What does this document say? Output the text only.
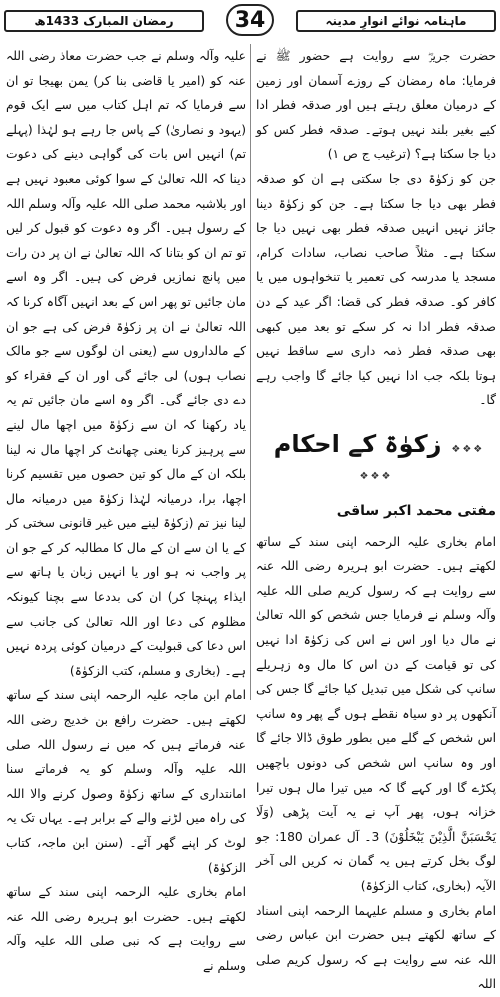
رمضان المبارک 1433ھ	34	ماہنامہ نوائے انوارِ مدینہ

حضرت جریرؓ سے روایت ہے حضور ﷺ نے فرمایا: ماہ رمضان کے روزے آسمان اور زمین کے درمیان معلق رہتے ہیں اور صدقہ فطر ادا کیے بغیر بلند نہیں ہوتے۔ صدقہ فطر کس کو دیا جا سکتا ہے؟ (ترغیب ج ص ۱)

جن کو زکوٰۃ دی جا سکتی ہے ان کو صدقہ فطر بھی دیا جا سکتا ہے۔ جن کو زکوٰۃ دینا جائز نہیں انہیں صدقہ فطر بھی نہیں دیا جا سکتا ہے۔ مثلاً صاحب نصاب، سادات کرام، مسجد یا مدرسہ کی تعمیر یا تنخواہوں میں یا کافر کو۔ صدقہ فطر کی قضا: اگر عید کے دن صدقہ فطر ادا نہ کر سکے تو بعد میں کبھی بھی صدقہ فطر ذمہ داری سے ساقط نہیں ہوتا بلکہ جب ادا نہیں کیا جائے گا واجب رہے گا۔

❖❖❖ زکوٰۃ کے احکام ❖❖❖
مفتی محمد اکبر ساقی

امام بخاری علیہ الرحمہ اپنی سند کے ساتھ لکھتے ہیں۔ حضرت ابو ہریرہ رضی اللہ عنہ سے روایت ہے کہ رسول کریم صلی اللہ علیہ وآلہ وسلم نے فرمایا جس شخص کو اللہ تعالیٰ نے مال دیا اور اس نے اس کی زکوٰۃ ادا نہیں کی تو قیامت کے دن اس کا مال وہ زہریلے سانپ کی شکل میں تبدیل کیا جائے گا جس کی آنکھوں پر دو سیاہ نقطے ہوں گے پھر وہ سانپ اس شخص کے گلے میں بطور طوق ڈالا جائے گا اور وہ سانپ اس شخص کی دونوں باچھیں پکڑے گا اور کہے گا کہ میں تیرا مال ہوں تیرا خزانہ ہوں، پھر آپ نے یہ آیت پڑھی (وَلَا یَحْسَبَنَّ الَّذِیْنَ یَبْخَلُوْنَ) 3۔ آل عمران 180: جو لوگ بخل کرتے ہیں یہ گمان نہ کریں الی آخر الآیہ (بخاری، کتاب الزکوٰۃ)

امام بخاری و مسلم علیہما الرحمہ اپنی اسناد کے ساتھ لکھتے ہیں حضرت ابن عباس رضی اللہ عنہ سے روایت ہے کہ رسول کریم صلی اللہ

علیہ وآلہ وسلم نے جب حضرت معاذ رضی اللہ عنہ کو (امیر یا قاضی بنا کر) یمن بھیجا تو ان سے فرمایا کہ تم اہل کتاب میں سے ایک قوم (یہود و نصاریٰ) کے پاس جا رہے ہو لہٰذا (پہلے تم) انہیں اس بات کی گواہی دینے کی دعوت دینا کہ اللہ تعالیٰ کے سوا کوئی معبود نہیں ہے اور بلاشبہ محمد صلی اللہ علیہ وآلہ وسلم اللہ کے رسول ہیں۔ اگر وہ دعوت کو قبول کر لیں تو تم ان کو بتانا کہ اللہ تعالیٰ نے ان پر دن رات میں پانچ نمازیں فرض کی ہیں۔ اگر وہ اسے مان جائیں تو پھر اس کے بعد انہیں آگاہ کرنا کہ اللہ تعالیٰ نے ان پر زکوٰۃ فرض کی ہے جو ان کے مالداروں سے (یعنی ان لوگوں سے جو مالک نصاب ہوں) لی جائے گی اور ان کے فقراء کو دے دی جائے گی۔ اگر وہ اسے مان جائیں تم یہ یاد رکھنا کہ ان سے زکوٰۃ میں اچھا مال لینے سے پرہیز کرنا یعنی چھانٹ کر اچھا مال نہ لینا بلکہ ان کے مال کو تین حصوں میں تقسیم کرنا اچھا، برا، درمیانہ لہٰذا زکوٰۃ میں درمیانہ مال لینا نیز تم (زکوٰۃ لینے میں غیر قانونی سختی کر کے یا ان سے ان کے مال کا مطالبہ کر کے جو ان پر واجب نہ ہو اور یا انہیں زبان یا ہاتھ سے ایذاء پہنچا کر) ان کی بددعا سے بچنا کیونکہ مظلوم کی دعا اور اللہ تعالیٰ کی جانب سے اس دعا کی قبولیت کے درمیان کوئی پردہ نہیں ہے۔ (بخاری و مسلم، کتب الزکوٰۃ)

امام ابن ماجہ علیہ الرحمہ اپنی سند کے ساتھ لکھتے ہیں۔ حضرت رافع بن خدیج رضی اللہ عنہ فرماتے ہیں کہ میں نے رسول اللہ صلی اللہ علیہ وآلہ وسلم کو یہ فرماتے سنا امانتداری کے ساتھ زکوٰۃ وصول کرنے والا اللہ کی راہ میں لڑنے والے کے برابر ہے۔ یہاں تک یہ لوٹ کر اپنے گھر آئے۔ (سنن ابن ماجہ، کتاب الزکوٰۃ)

امام بخاری علیہ الرحمہ اپنی سند کے ساتھ لکھتے ہیں۔ حضرت ابو ہریرہ رضی اللہ عنہ سے روایت ہے کہ نبی صلی اللہ علیہ وآلہ وسلم نے
